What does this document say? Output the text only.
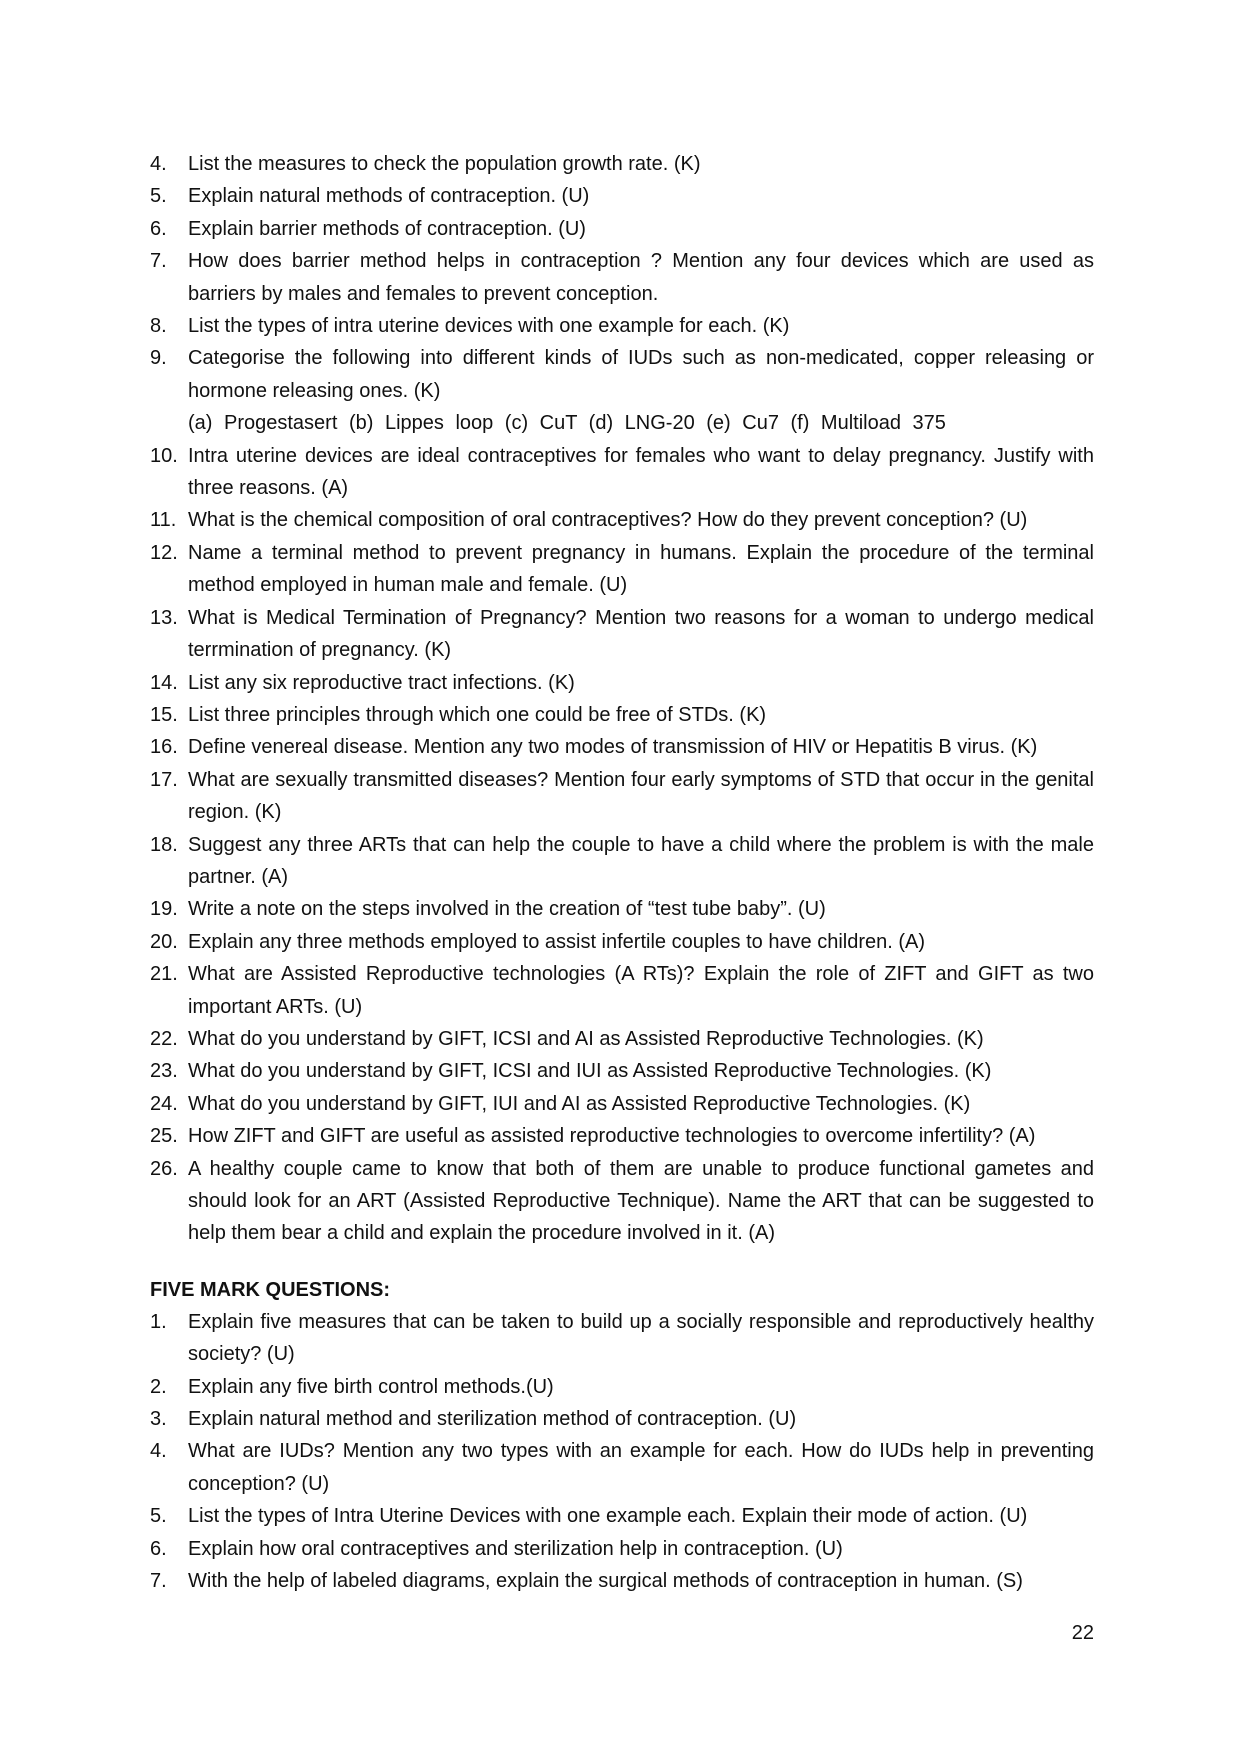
4.	List the measures to check the population growth rate. (K)
5.	Explain natural methods of contraception. (U)
6.	Explain barrier methods of contraception. (U)
7.	How does barrier method helps in contraception ? Mention any four devices which are used as barriers by males and females to prevent conception.
8.	List the types of intra uterine devices with one example for each. (K)
9.	Categorise the following into different kinds of IUDs such as non-medicated, copper releasing or hormone releasing ones. (K)
(a) Progestasert (b) Lippes loop (c) CuT (d) LNG-20 (e) Cu7 (f) Multiload 375
10. Intra uterine devices are ideal contraceptives for females who want to delay pregnancy. Justify with three reasons. (A)
11. What is the chemical composition of oral contraceptives? How do they prevent conception? (U)
12. Name a terminal method to prevent pregnancy in humans. Explain the procedure of the terminal method employed in human male and female. (U)
13. What is Medical Termination of Pregnancy? Mention two reasons for a woman to undergo medical terrmination of pregnancy. (K)
14. List any six reproductive tract infections. (K)
15. List three principles through which one could be free of STDs. (K)
16. Define venereal disease. Mention any two modes of transmission of HIV or Hepatitis B virus. (K)
17. What are sexually transmitted diseases? Mention four early symptoms of STD that occur in the genital region. (K)
18. Suggest any three ARTs that can help the couple to have a child where the problem is with the male partner. (A)
19. Write a note on the steps involved in the creation of “test tube baby”. (U)
20. Explain any three methods employed to assist infertile couples to have children. (A)
21. What are Assisted Reproductive technologies (A RTs)? Explain the role of ZIFT and GIFT as two important ARTs. (U)
22. What do you understand by GIFT, ICSI and AI as Assisted Reproductive Technologies. (K)
23. What do you understand by GIFT, ICSI and IUI as Assisted Reproductive Technologies. (K)
24. What do you understand by GIFT, IUI and AI as Assisted Reproductive Technologies. (K)
25. How ZIFT and GIFT are useful as assisted reproductive technologies to overcome infertility? (A)
26. A healthy couple came to know that both of them are unable to produce functional gametes and should look for an ART (Assisted Reproductive Technique). Name the ART that can be suggested to help them bear a child and explain the procedure involved in it. (A)
FIVE MARK QUESTIONS:
1.	Explain five measures that can be taken to build up a socially responsible and reproductively healthy society? (U)
2.	Explain any five birth control methods.(U)
3.	Explain natural method and sterilization method of contraception. (U)
4.	What are IUDs? Mention any two types with an example for each. How do IUDs help in preventing conception? (U)
5.	List the types of Intra Uterine Devices with one example each. Explain their mode of action. (U)
6.	Explain how oral contraceptives and sterilization help in contraception. (U)
7.	With the help of labeled diagrams, explain the surgical methods of contraception in human. (S)
22
